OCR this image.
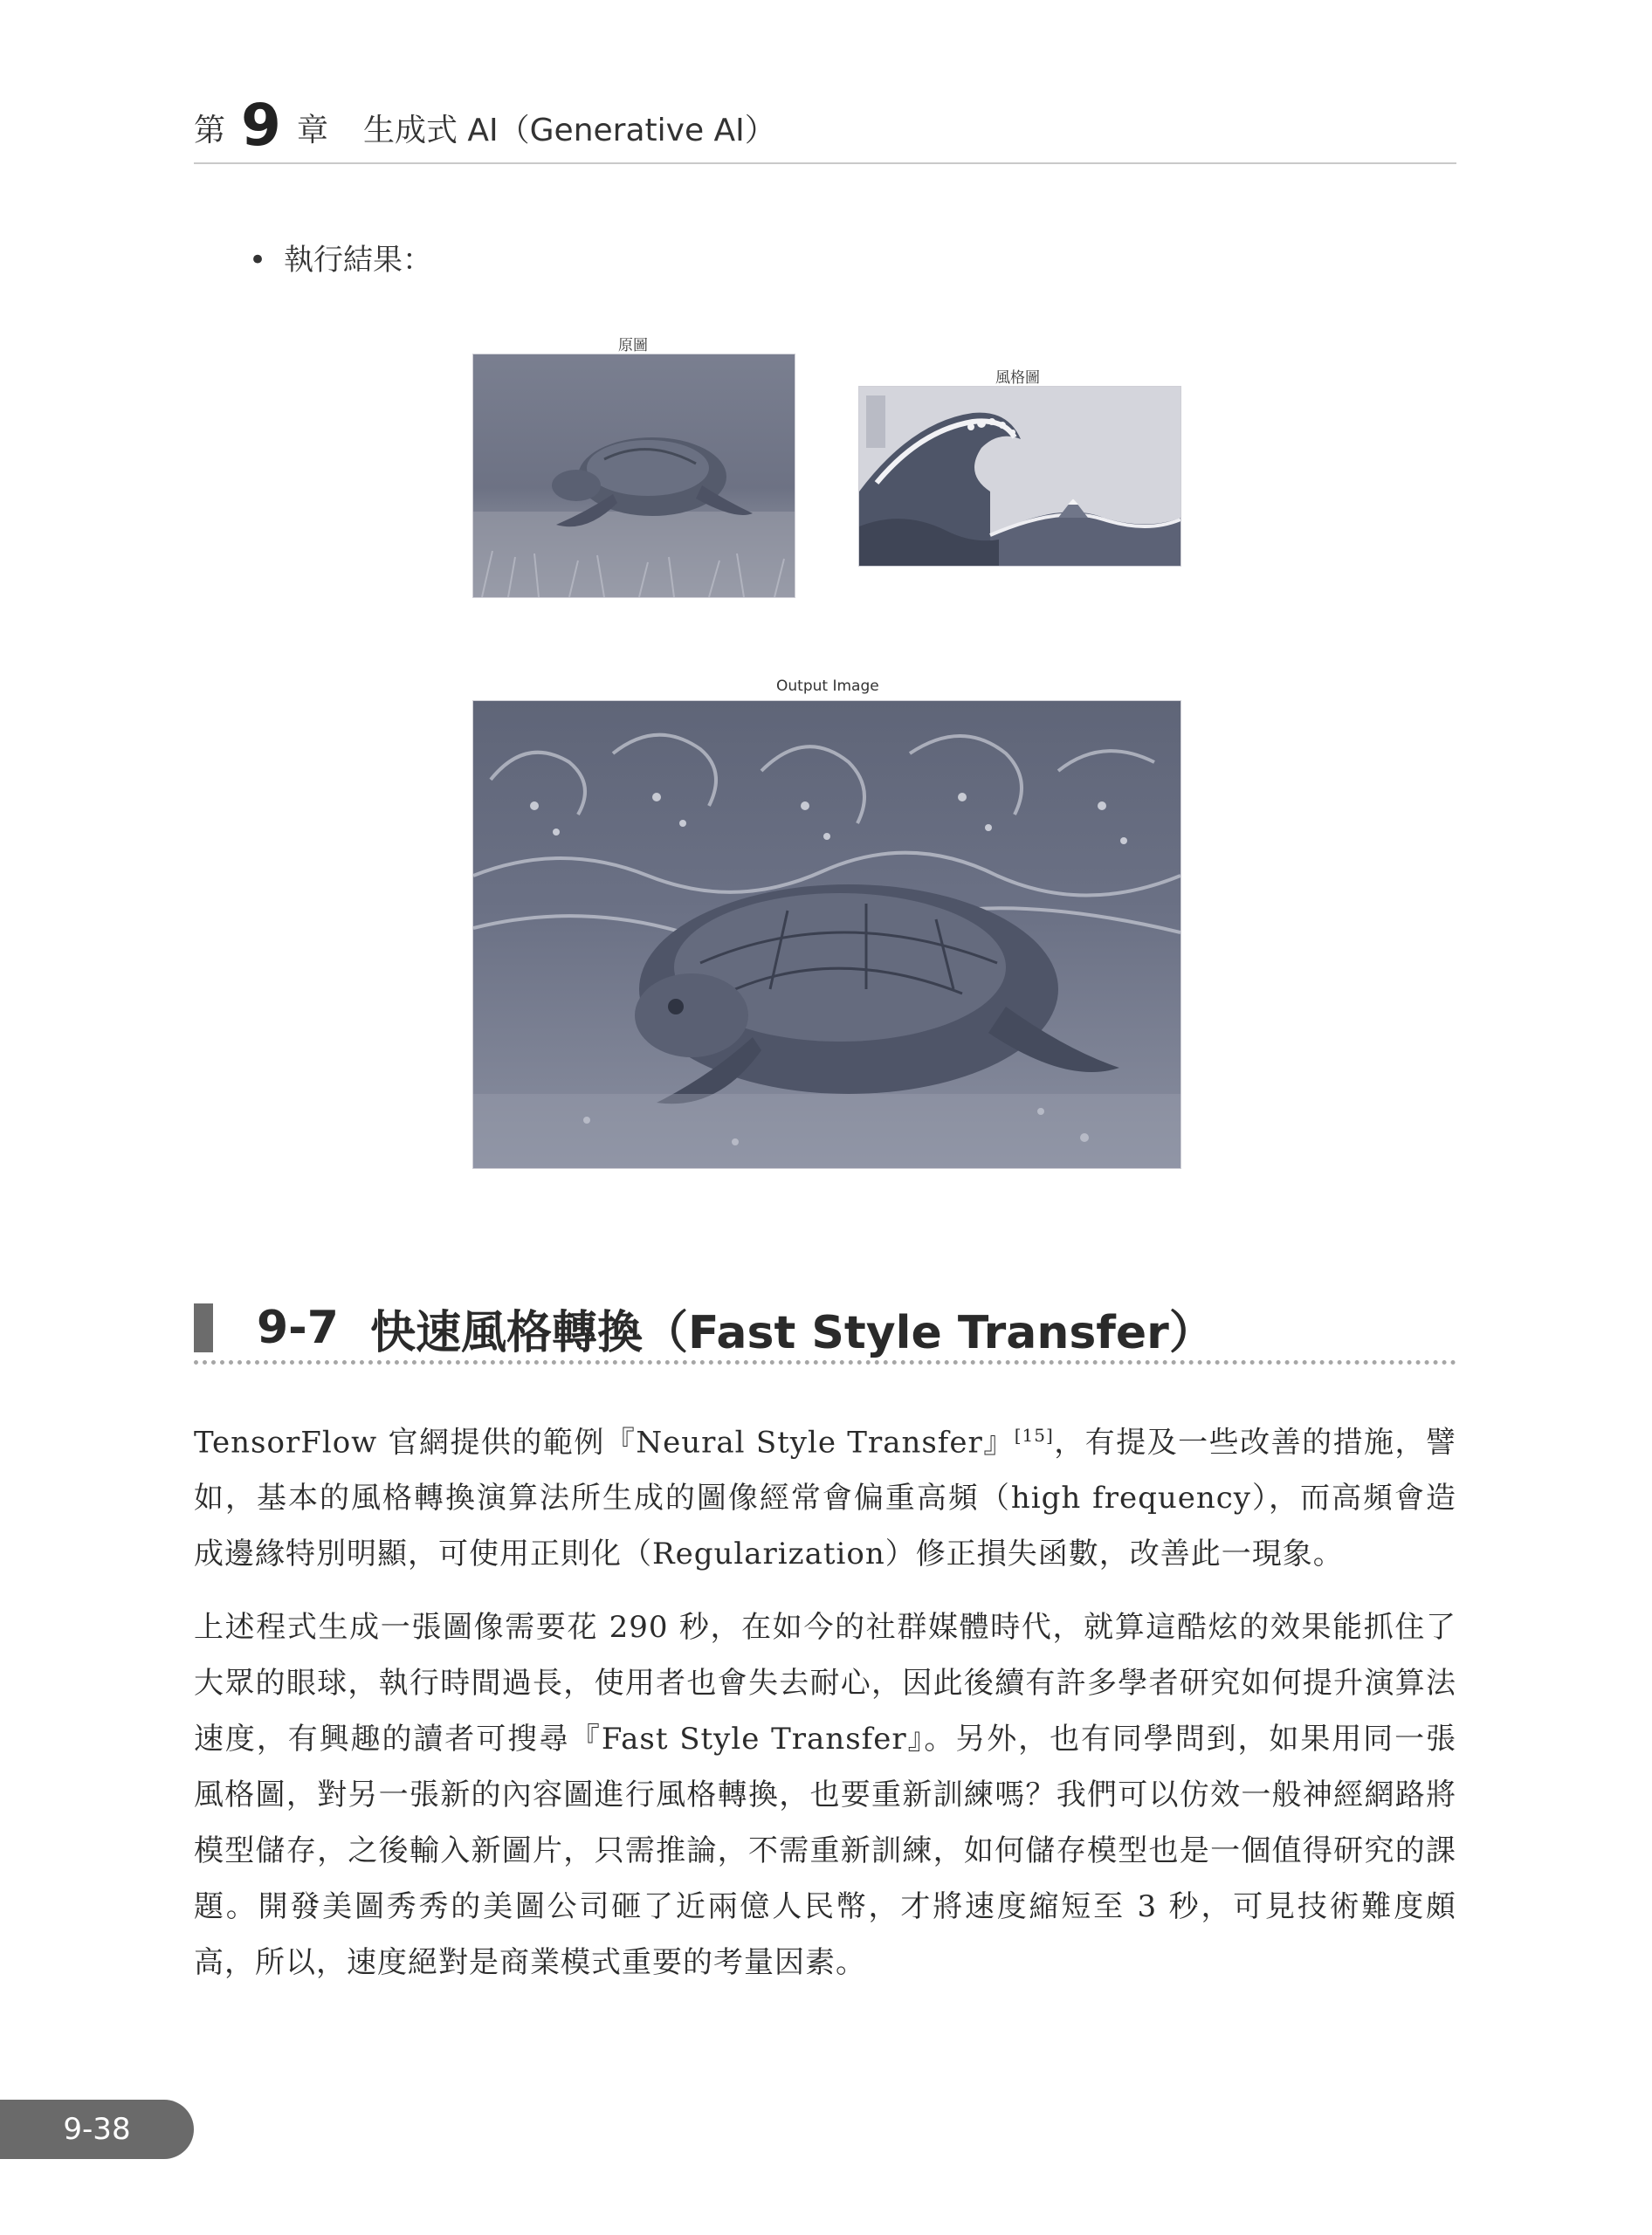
第 9 章 生成式 AI（Generative AI）
• 執行結果：
原圖
風格圖
Output Image
9-7 快速風格轉換（Fast Style Transfer）

TensorFlow 官網提供的範例『Neural Style Transfer』[15]，有提及一些改善的措施，譬如，基本的風格轉換演算法所生成的圖像經常會偏重高頻（high frequency），而高頻會造成邊緣特別明顯，可使用正則化（Regularization）修正損失函數，改善此一現象。

上述程式生成一張圖像需要花 290 秒，在如今的社群媒體時代，就算這酷炫的效果能抓住了大眾的眼球，執行時間過長，使用者也會失去耐心，因此後續有許多學者研究如何提升演算法速度，有興趣的讀者可搜尋『Fast Style Transfer』。另外，也有同學問到，如果用同一張風格圖，對另一張新的內容圖進行風格轉換，也要重新訓練嗎？我們可以仿效一般神經網路將模型儲存，之後輸入新圖片，只需推論，不需重新訓練，如何儲存模型也是一個值得研究的課題。開發美圖秀秀的美圖公司砸了近兩億人民幣，才將速度縮短至 3 秒，可見技術難度頗高，所以，速度絕對是商業模式重要的考量因素。

9-38
